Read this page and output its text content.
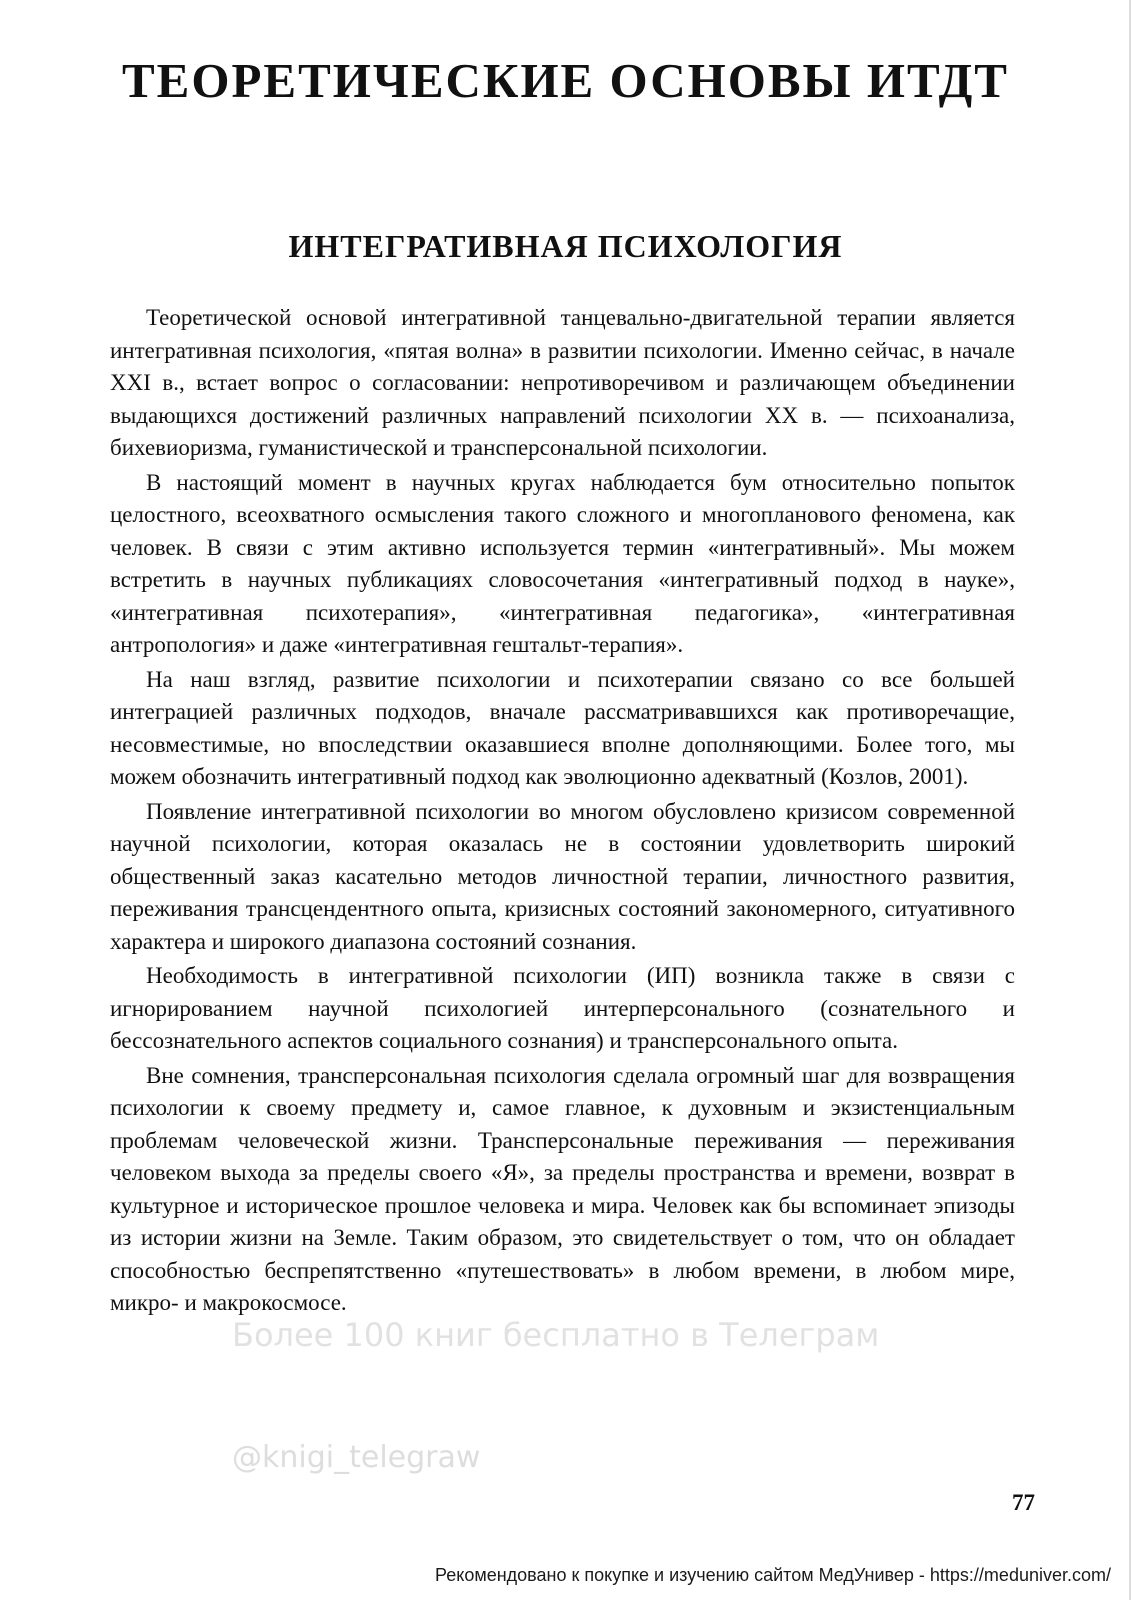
ТЕОРЕТИЧЕСКИЕ ОСНОВЫ ИТДТ
ИНТЕГРАТИВНАЯ ПСИХОЛОГИЯ

Теоретической основой интегративной танцевально-двигательной терапии является интегративная психология, «пятая волна» в развитии психологии. Именно сейчас, в начале XXI в., встает вопрос о согласовании: непротиворечивом и различающем объединении выдающихся достижений различных направлений психологии XX в. — психоанализа, бихевиоризма, гуманистической и трансперсональной психологии.

В настоящий момент в научных кругах наблюдается бум относительно попыток целостного, всеохватного осмысления такого сложного и многопланового феномена, как человек. В связи с этим активно используется термин «интегративный». Мы можем встретить в научных публикациях словосочетания «интегративный подход в науке», «интегративная психотерапия», «интегративная педагогика», «интегративная антропология» и даже «интегративная гештальт-терапия».

На наш взгляд, развитие психологии и психотерапии связано со все большей интеграцией различных подходов, вначале рассматривавшихся как противоречащие, несовместимые, но впоследствии оказавшиеся вполне дополняющими. Более того, мы можем обозначить интегративный подход как эволюционно адекватный (Козлов, 2001).

Появление интегративной психологии во многом обусловлено кризисом современной научной психологии, которая оказалась не в состоянии удовлетворить широкий общественный заказ касательно методов личностной терапии, личностного развития, переживания трансцендентного опыта, кризисных состояний закономерного, ситуативного характера и широкого диапазона состояний сознания.

Необходимость в интегративной психологии (ИП) возникла также в связи с игнорированием научной психологией интерперсонального (сознательного и бессознательного аспектов социального сознания) и трансперсонального опыта.

Вне сомнения, трансперсональная психология сделала огромный шаг для возвращения психологии к своему предмету и, самое главное, к духовным и экзистенциальным проблемам человеческой жизни. Трансперсональные переживания — переживания человеком выхода за пределы своего «Я», за пределы пространства и времени, возврат в культурное и историческое прошлое человека и мира. Человек как бы вспоминает эпизоды из истории жизни на Земле. Таким образом, это свидетельствует о том, что он обладает способностью беспрепятственно «путешествовать» в любом времени, в любом мире, микро- и макрокосмосе.

Более 100 книг бесплатно в Телеграм
@knigi_telegraw
77
Рекомендовано к покупке и изучению сайтом МедУнивер - https://meduniver.com/
